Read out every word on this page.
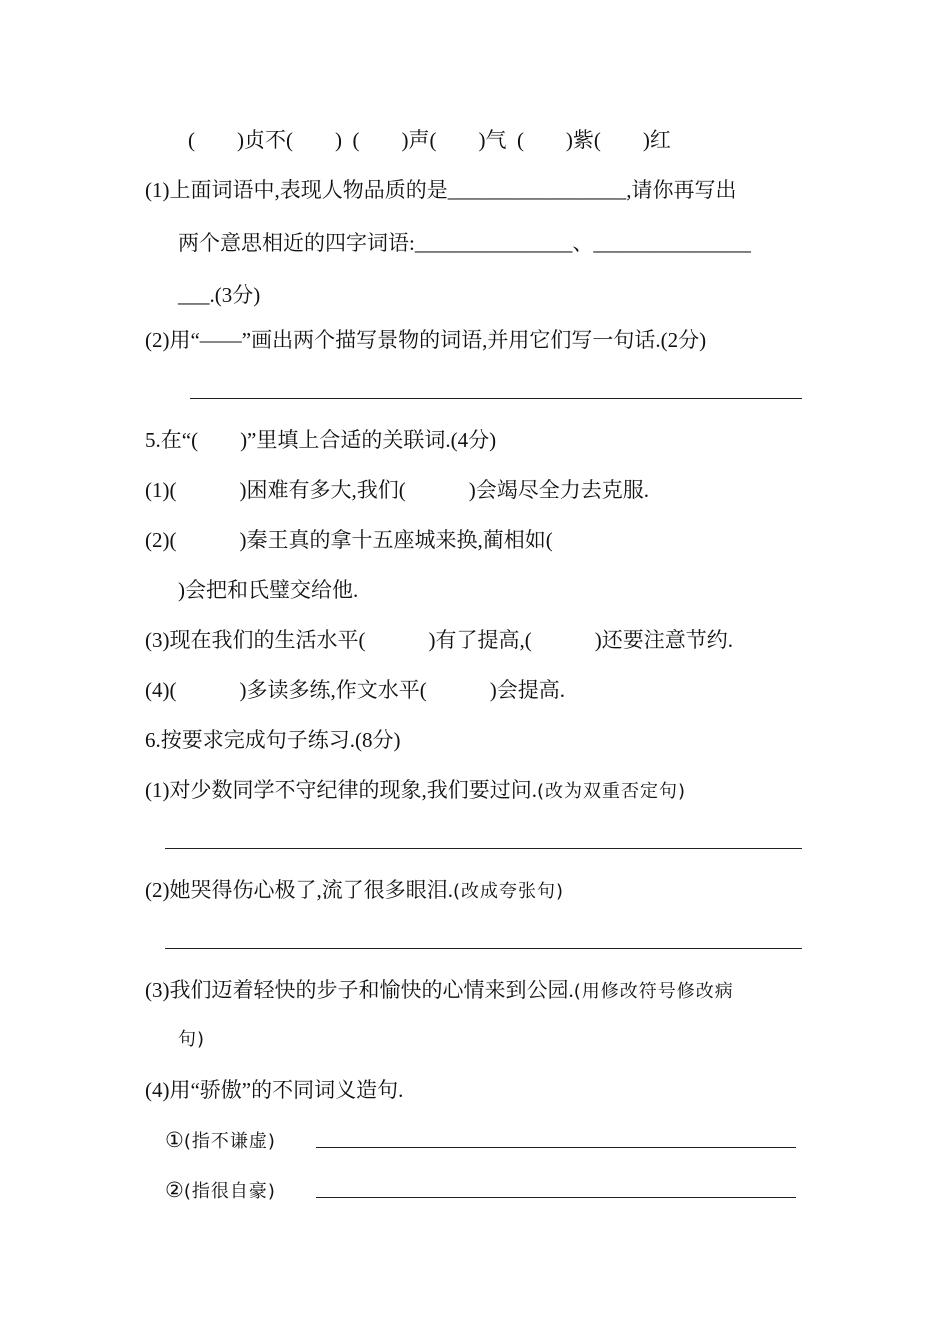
(　　)贞不(　　)  (　　)声(　　)气  (　　)紫(　　)红
(1)上面词语中,表现人物品质的是_________________,请你再写出
两个意思相近的四字词语:_______________、_______________
___.(3分)
(2)用“——”画出两个描写景物的词语,并用它们写一句话.(2分)
5.在“(　　)”里填上合适的关联词.(4分)
(1)(　　　)困难有多大,我们(　　　)会竭尽全力去克服.
(2)(　　　)秦王真的拿十五座城来换,蔺相如(
)会把和氏璧交给他.
(3)现在我们的生活水平(　　　)有了提高,(　　　)还要注意节约.
(4)(　　　)多读多练,作文水平(　　　)会提高.
6.按要求完成句子练习.(8分)
(1)对少数同学不守纪律的现象,我们要过问.(改为双重否定句)
(2)她哭得伤心极了,流了很多眼泪.(改成夸张句)
(3)我们迈着轻快的步子和愉快的心情来到公园.(用修改符号修改病
句)
(4)用“骄傲”的不同词义造句.
①(指不谦虚)
②(指很自豪)
